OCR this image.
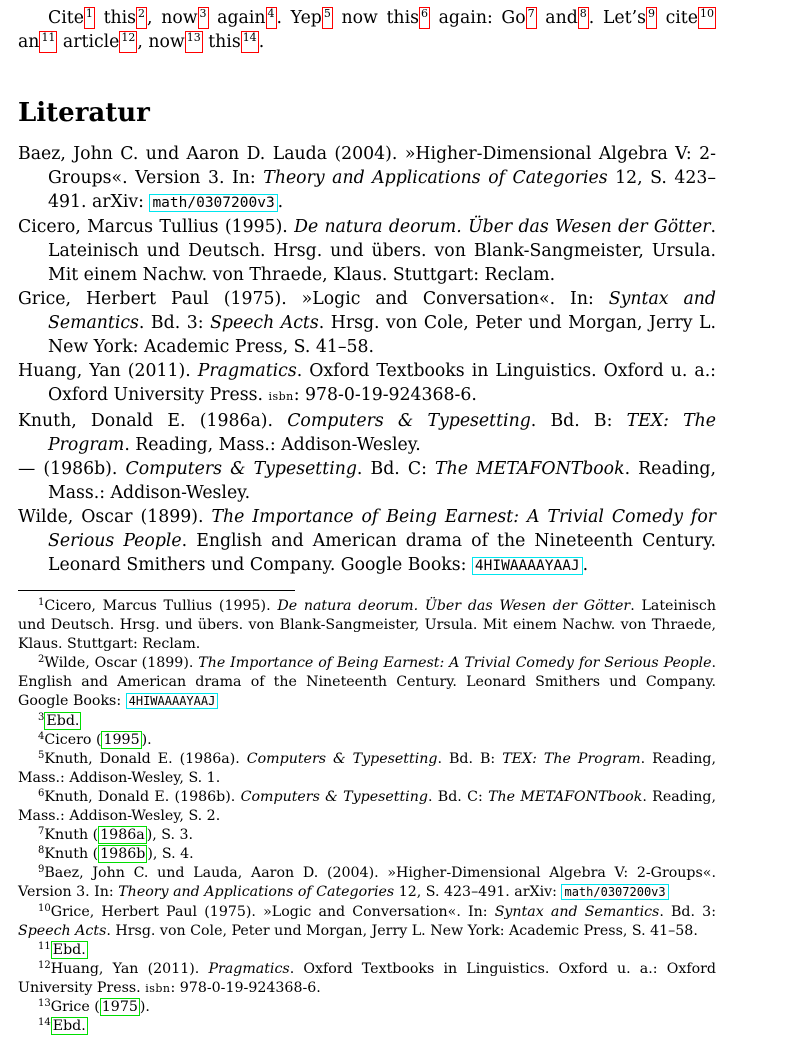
Cite $^1$ this $^2$ , now $^3$ again $^4$ . Yep $^5$ now this $^6$ again: Go $^7$ and $^8$ . Let’s $^9$ cite $^{10}$ an $^{11}$ article $^{12}$ , now $^{13}$ this $^{14}$ .

Literatur

Baez, John C. und Aaron D. Lauda (2004). »Higher-Dimensional Algebra V: 2-Groups«. Version 3. In: Theory and Applications of Categories 12, S. 423–491. arXiv: math/0307200v3 .

Cicero, Marcus Tullius (1995). De natura deorum. Über das Wesen der Götter. Lateinisch und Deutsch. Hrsg. und übers. von Blank-Sangmeister, Ursula. Mit einem Nachw. von Thraede, Klaus. Stuttgart: Reclam.

Grice, Herbert Paul (1975). »Logic and Conversation«. In: Syntax and Semantics. Bd. 3: Speech Acts. Hrsg. von Cole, Peter und Morgan, Jerry L. New York: Academic Press, S. 41–58.

Huang, Yan (2011). Pragmatics. Oxford Textbooks in Linguistics. Oxford u. a.: Oxford University Press. isbn: 978-0-19-924368-6.

Knuth, Donald E. (1986a). Computers & Typesetting. Bd. B: TEX: The Program. Reading, Mass.: Addison-Wesley.

— (1986b). Computers & Typesetting. Bd. C: The METAFONTbook. Reading, Mass.: Addison-Wesley.

Wilde, Oscar (1899). The Importance of Being Earnest: A Trivial Comedy for Serious People. English and American drama of the Nineteenth Century. Leonard Smithers und Company. Google Books: 4HIWAAAAYAAJ .

$^1$Cicero, Marcus Tullius (1995). De natura deorum. Über das Wesen der Götter. Lateinisch und Deutsch. Hrsg. und übers. von Blank-Sangmeister, Ursula. Mit einem Nachw. von Thraede, Klaus. Stuttgart: Reclam.

$^2$Wilde, Oscar (1899). The Importance of Being Earnest: A Trivial Comedy for Serious People. English and American drama of the Nineteenth Century. Leonard Smithers und Company. Google Books: 4HIWAAAAYAAJ

$^3$ Ebd.

$^4$Cicero ( 1995 ).

$^5$Knuth, Donald E. (1986a). Computers & Typesetting. Bd. B: TEX: The Program. Reading, Mass.: Addison-Wesley, S. 1.

$^6$Knuth, Donald E. (1986b). Computers & Typesetting. Bd. C: The METAFONTbook. Reading, Mass.: Addison-Wesley, S. 2.

$^7$Knuth ( 1986a ), S. 3.

$^8$Knuth ( 1986b ), S. 4.

$^9$Baez, John C. und Lauda, Aaron D. (2004). »Higher-Dimensional Algebra V: 2-Groups«. Version 3. In: Theory and Applications of Categories 12, S. 423–491. arXiv: math/0307200v3

$^{10}$Grice, Herbert Paul (1975). »Logic and Conversation«. In: Syntax and Semantics. Bd. 3: Speech Acts. Hrsg. von Cole, Peter und Morgan, Jerry L. New York: Academic Press, S. 41–58.

$^{11}$ Ebd.

$^{12}$Huang, Yan (2011). Pragmatics. Oxford Textbooks in Linguistics. Oxford u. a.: Oxford University Press. isbn: 978-0-19-924368-6.

$^{13}$Grice ( 1975 ).

$^{14}$ Ebd.
